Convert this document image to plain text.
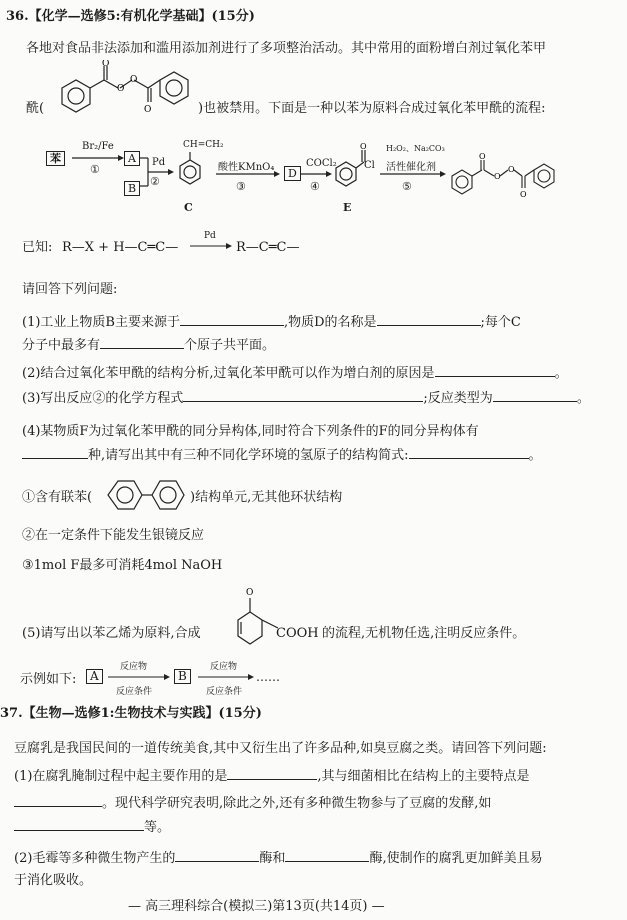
36.【化学—选修5:有机化学基础】(15分)
各地对食品非法添加和滥用添加剂进行了多项整治活动。其中常用的面粉增白剂过氧化苯甲
O
O
O
O
酰(	)也被禁用。下面是一种以苯为原料合成过氧化苯甲酰的流程:
苯
Br₂/Fe
①
A
B
Pd
②
CH=CH₂
C
酸性KMnO₄
③
D
COCl₂
④
O
Cl
E
H₂O₂、Na₂CO₃
活性催化剂
⑤
O
O
O
O
已知: R—X + H—C═C—
Pd
R—C═C—
请回答下列问题:
(1)工业上物质B主要来源于	,物质D的名称是	;每个C
分子中最多有	个原子共平面。
(2)结合过氧化苯甲酰的结构分析,过氧化苯甲酰可以作为增白剂的原因是	。
(3)写出反应②的化学方程式	;反应类型为	。
(4)某物质F为过氧化苯甲酰的同分异构体,同时符合下列条件的F的同分异构体有
种,请写出其中有三种不同化学环境的氢原子的结构简式:	。
①含有联苯(	)结构单元,无其他环状结构
②在一定条件下能发生银镜反应
③1mol F最多可消耗4mol NaOH
(5)请写出以苯乙烯为原料,合成
O
COOH 的流程,无机物任选,注明反应条件。
示例如下:	A
反应物
反应条件
B
反应物
反应条件
……
37.【生物—选修1:生物技术与实践】(15分)
豆腐乳是我国民间的一道传统美食,其中又衍生出了许多品种,如臭豆腐之类。请回答下列问题:
(1)在腐乳腌制过程中起主要作用的是	,其与细菌相比在结构上的主要特点是
。现代科学研究表明,除此之外,还有多种微生物参与了豆腐的发酵,如
等。
(2)毛霉等多种微生物产生的	酶和	酶,使制作的腐乳更加鲜美且易
于消化吸收。
— 高三理科综合(模拟三)第13页(共14页) —
